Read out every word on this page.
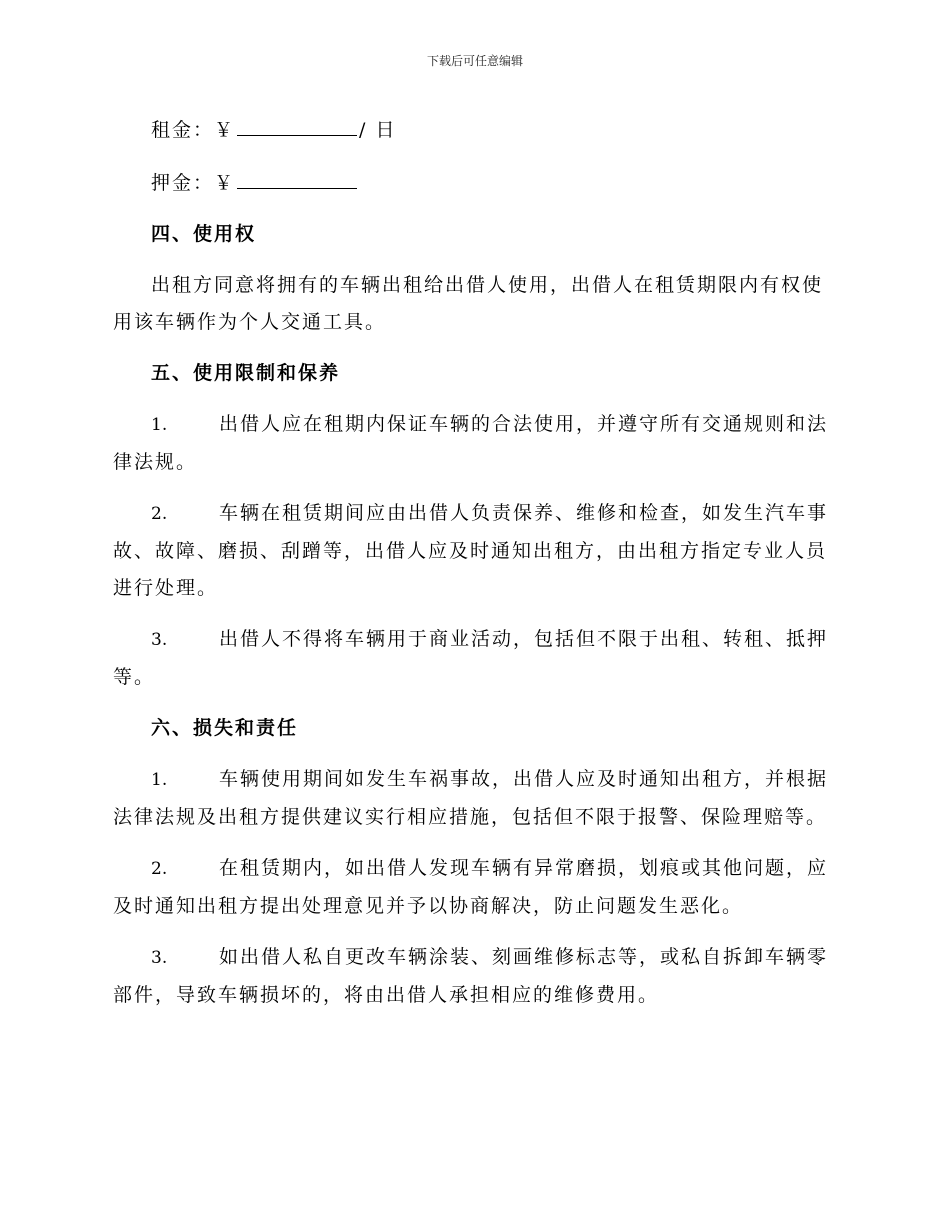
下载后可任意编辑

租金：￥	/ 日

押金：￥

四、使用权

出租方同意将拥有的车辆出租给出借人使用，出借人在租赁期限内有权使用该车辆作为个人交通工具。

五、使用限制和保养

1.	出借人应在租期内保证车辆的合法使用，并遵守所有交通规则和法律法规。

2.	车辆在租赁期间应由出借人负责保养、维修和检查，如发生汽车事故、故障、磨损、刮蹭等，出借人应及时通知出租方，由出租方指定专业人员进行处理。

3.	出借人不得将车辆用于商业活动，包括但不限于出租、转租、抵押等。

六、损失和责任

1.	车辆使用期间如发生车祸事故，出借人应及时通知出租方，并根据法律法规及出租方提供建议实行相应措施，包括但不限于报警、保险理赔等。

2.	在租赁期内，如出借人发现车辆有异常磨损，划痕或其他问题，应及时通知出租方提出处理意见并予以协商解决，防止问题发生恶化。

3.	如出借人私自更改车辆涂装、刻画维修标志等，或私自拆卸车辆零部件，导致车辆损坏的，将由出借人承担相应的维修费用。
